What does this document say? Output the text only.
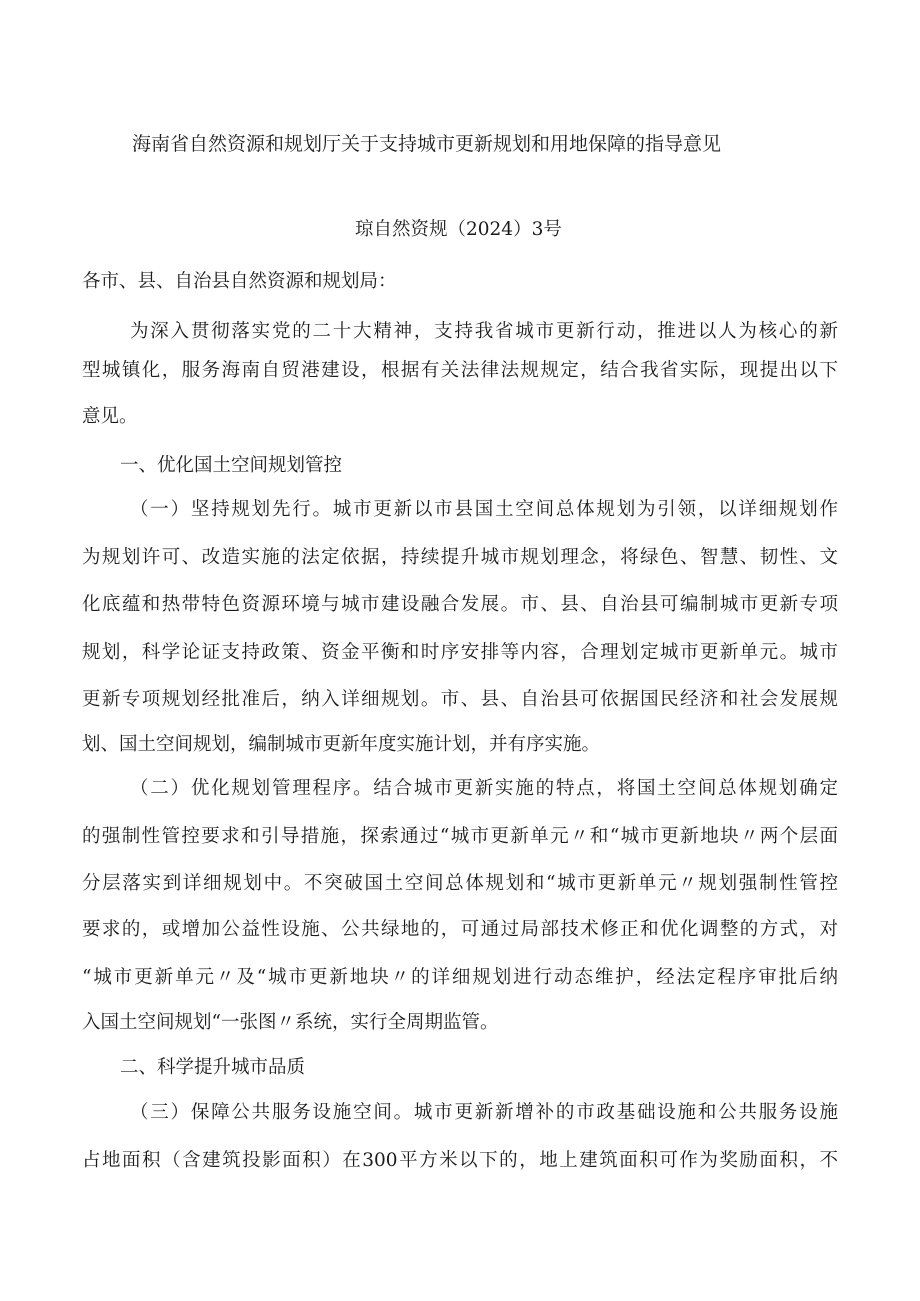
海南省自然资源和规划厅关于支持城市更新规划和用地保障的指导意见
琼自然资规（2024）3号
各市、县、自治县自然资源和规划局：
为深入贯彻落实党的二十大精神，支持我省城市更新行动，推进以人为核心的新
型城镇化，服务海南自贸港建设，根据有关法律法规规定，结合我省实际，现提出以下
意见。
一、优化国土空间规划管控
（一）坚持规划先行。城市更新以市县国土空间总体规划为引领，以详细规划作
为规划许可、改造实施的法定依据，持续提升城市规划理念，将绿色、智慧、韧性、文
化底蕴和热带特色资源环境与城市建设融合发展。市、县、自治县可编制城市更新专项
规划，科学论证支持政策、资金平衡和时序安排等内容，合理划定城市更新单元。城市
更新专项规划经批准后，纳入详细规划。市、县、自治县可依据国民经济和社会发展规
划、国土空间规划，编制城市更新年度实施计划，并有序实施。
（二）优化规划管理程序。结合城市更新实施的特点，将国土空间总体规划确定
的强制性管控要求和引导措施，探索通过“城市更新单元〃和“城市更新地块〃两个层面
分层落实到详细规划中。不突破国土空间总体规划和“城市更新单元〃规划强制性管控
要求的，或增加公益性设施、公共绿地的，可通过局部技术修正和优化调整的方式，对
“城市更新单元〃及“城市更新地块〃的详细规划进行动态维护，经法定程序审批后纳
入国土空间规划“一张图〃系统，实行全周期监管。
二、科学提升城市品质
（三）保障公共服务设施空间。城市更新新增补的市政基础设施和公共服务设施
占地面积（含建筑投影面积）在300平方米以下的，地上建筑面积可作为奖励面积，不
